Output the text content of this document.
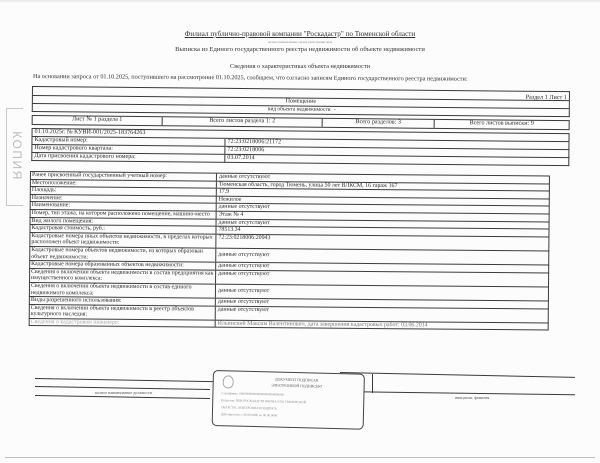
Филиал публично-правовой компании "Роскадастр" по Тюменской области
полное наименование органа регистрации прав
Выписка из Единого государственного реестра недвижимости об объекте недвижимости
Сведения о характеристиках объекта недвижимости
На основании запроса от 01.10.2025, поступившего на рассмотрение 01.10.2025, сообщаем, что согласно записям Единого государственного реестра недвижимости:
КОПИЯ
Раздел 1 Лист 1
Помещение
вид объекта недвижимости -
Лист № 1 раздела 1	Всего листов раздела 1: 2	Всего разделов: 3	Всего листов выписки: 9
01.10.2025г. № КУВИ-001/2025-183764263
Кадастровый номер:	72:23:0218006:21172
Номер кадастрового квартала:	72:23:0218006
Дата присвоения кадастрового номера:	03.07.2014
Ранее присвоенный государственный учетный номер:	данные отсутствуют
Местоположение:	Тюменская область, город Тюмень, улица 50 лет ВЛКСМ, 16 гараж 167
Площадь:	17.9
Назначение:	Нежилое
Наименование:	данные отсутствуют
Номер, тип этажа, на котором расположено помещение, машино-место	Этаж № 4
Вид жилого помещения:	данные отсутствуют
Кадастровая стоимость, руб.:	78513.34
Кадастровые номера иных объектов недвижимости, в пределах которых расположен объект недвижимости:
72:23:0218006:20943
Кадастровые номера объектов недвижимости, из которых образован объект недвижимости:	данные отсутствуют
Кадастровые номера образованных объектов недвижимости:	данные отсутствуют
Сведения о включении объекта недвижимости в состав предприятия как имущественного комплекса:
данные отсутствуют
Сведения о включении объекта недвижимости в состав единого недвижимого комплекса:	данные отсутствуют
Виды разрешенного использования:	данные отсутствуют
Сведения о включении объекта недвижимости в реестр объектов культурного наследия:
данные отсутствуют
Сведения о кадастровом инженере:	Ильинский Максим Валентинович, дата завершения кадастровых работ: 03.06.2014
полное наименование должности
инициалы, фамилия
ДОКУМЕНТ ПОДПИСАН
ЭЛЕКТРОННОЙ ПОДПИСЬЮ
Сертификат: 0000000000000000000000000000
Владелец: ППК РОСКАДАСТР ФИЛИАЛ ПО ТЮМЕНСКОЙ
ОБЛАСТИ, ЭЛЕКТРОННАЯ ПОДПИСЬ
Действителен: с 00.00.0000 по 00.00.0000
